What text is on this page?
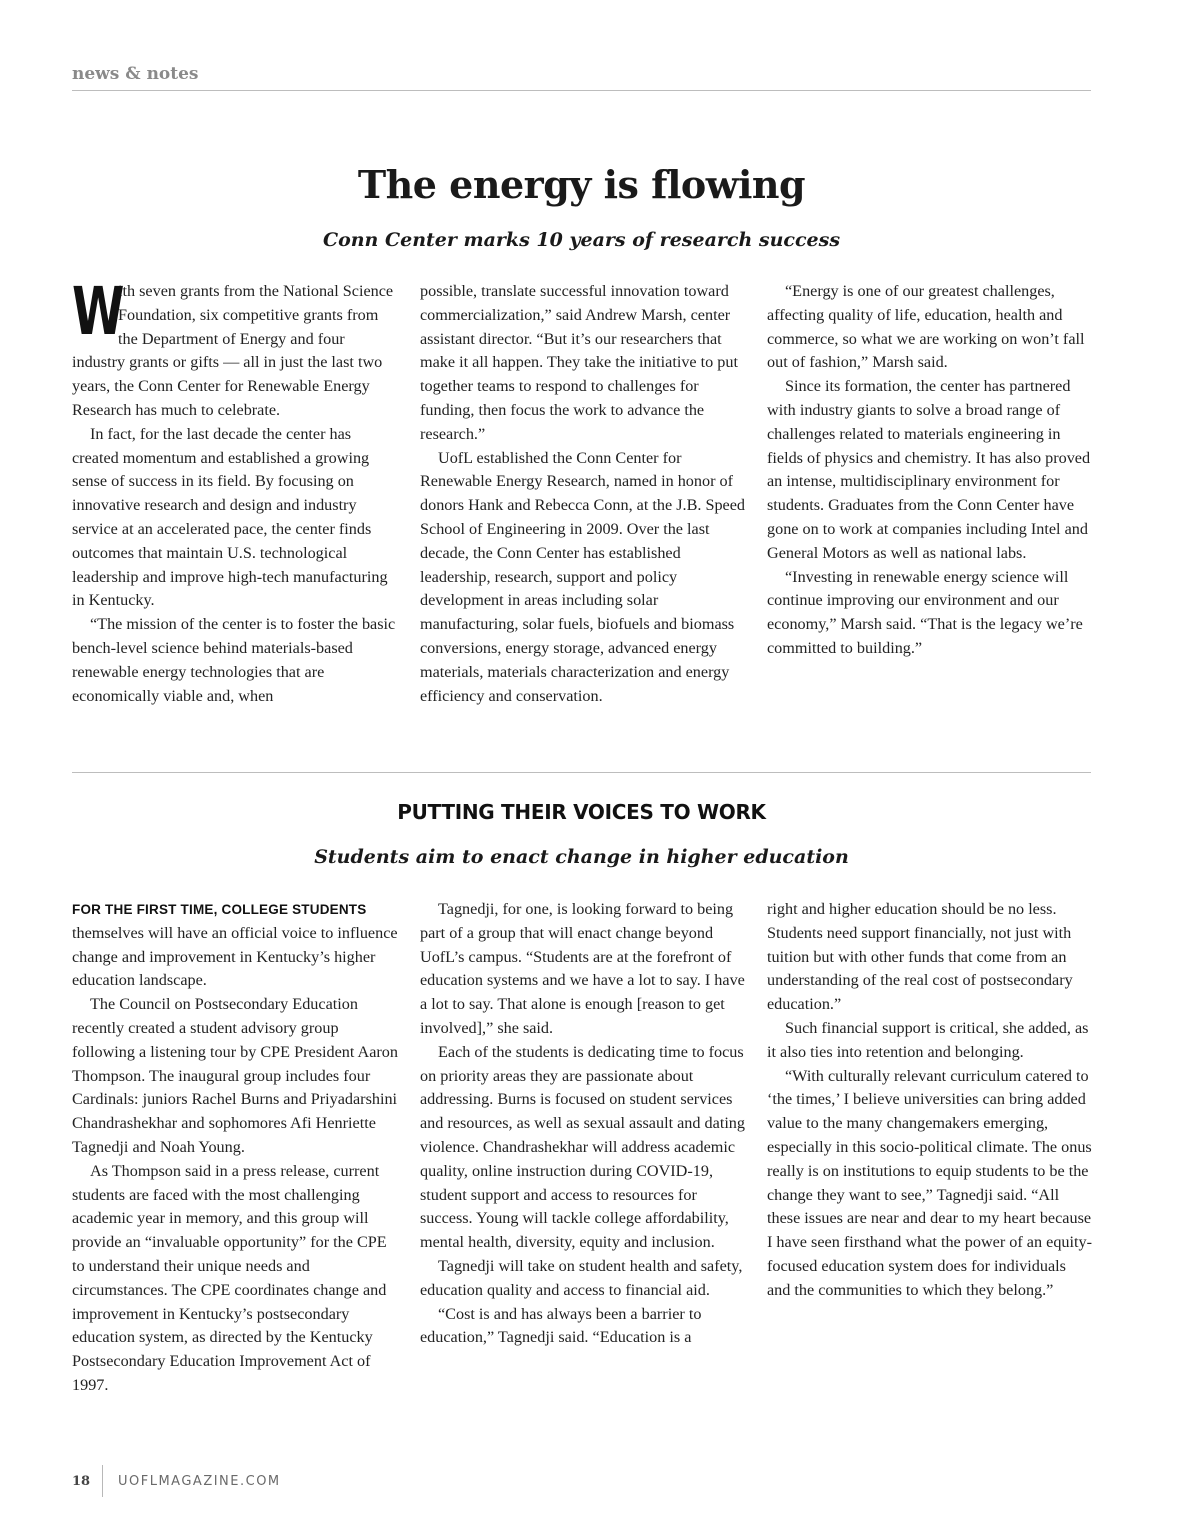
news & notes
The energy is flowing
Conn Center marks 10 years of research success

W
ith seven grants from the National Science Foundation, six competitive grants from the Department of Energy and four industry grants or gifts — all in just the last two years, the Conn Center for Renewable Energy Research has much to celebrate.

In fact, for the last decade the center has created momentum and established a growing sense of success in its field. By focusing on innovative research and design and industry service at an accelerated pace, the center finds outcomes that maintain U.S. technological leadership and improve high-tech manufacturing in Kentucky.

“The mission of the center is to foster the basic bench-level science behind materials-based renewable energy technologies that are economically viable and, when

possible, translate successful innovation toward commercialization,” said Andrew Marsh, center assistant director. “But it’s our researchers that make it all happen. They take the initiative to put together teams to respond to challenges for funding, then focus the work to advance the research.”

UofL established the Conn Center for Renewable Energy Research, named in honor of donors Hank and Rebecca Conn, at the J.B. Speed School of Engineering in 2009. Over the last decade, the Conn Center has established leadership, research, support and policy development in areas including solar manufacturing, solar fuels, biofuels and biomass conversions, energy storage, advanced energy materials, materials characterization and energy efficiency and conservation.

“Energy is one of our greatest challenges, affecting quality of life, education, health and commerce, so what we are working on won’t fall out of fashion,” Marsh said.

Since its formation, the center has partnered with industry giants to solve a broad range of challenges related to materials engineering in fields of physics and chemistry. It has also proved an intense, multidisciplinary environment for students. Graduates from the Conn Center have gone on to work at companies including Intel and General Motors as well as national labs.

“Investing in renewable energy science will continue improving our environment and our economy,” Marsh said. “That is the legacy we’re committed to building.”

PUTTING THEIR VOICES TO WORK
Students aim to enact change in higher education

FOR THE FIRST TIME, COLLEGE STUDENTS
themselves will have an official voice to influence change and improvement in Kentucky’s higher education landscape.

The Council on Postsecondary Education recently created a student advisory group following a listening tour by CPE President Aaron Thompson. The inaugural group includes four Cardinals: juniors Rachel Burns and Priyadarshini Chandrashekhar and sophomores Afi Henriette Tagnedji and Noah Young.

As Thompson said in a press release, current students are faced with the most challenging academic year in memory, and this group will provide an “invaluable opportunity” for the CPE to understand their unique needs and circumstances. The CPE coordinates change and improvement in Kentucky’s postsecondary education system, as directed by the Kentucky Postsecondary Education Improvement Act of 1997.

Tagnedji, for one, is looking forward to being part of a group that will enact change beyond UofL’s campus. “Students are at the forefront of education systems and we have a lot to say. I have a lot to say. That alone is enough [reason to get involved],” she said.

Each of the students is dedicating time to focus on priority areas they are passionate about addressing. Burns is focused on student services and resources, as well as sexual assault and dating violence. Chandrashekhar will address academic quality, online instruction during COVID-19, student support and access to resources for success. Young will tackle college affordability, mental health, diversity, equity and inclusion.

Tagnedji will take on student health and safety, education quality and access to financial aid.

“Cost is and has always been a barrier to education,” Tagnedji said. “Education is a

right and higher education should be no less. Students need support financially, not just with tuition but with other funds that come from an understanding of the real cost of postsecondary education.”

Such financial support is critical, she added, as it also ties into retention and belonging.

“With culturally relevant curriculum catered to ‘the times,’ I believe universities can bring added value to the many changemakers emerging, especially in this socio-political climate. The onus really is on institutions to equip students to be the change they want to see,” Tagnedji said. “All these issues are near and dear to my heart because I have seen firsthand what the power of an equity-focused education system does for individuals and the communities to which they belong.”

18 UOFLMAGAZINE.COM
